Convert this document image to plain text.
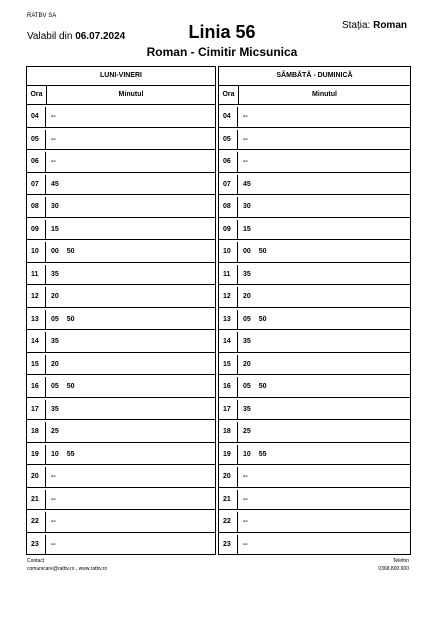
RATBV SA
Valabil din 06.07.2024	Linia 56	Stația: Roman
Roman - Cimitir Micsunica
LUNI-VINERI
Ora	Minutul
04	--
05	--
06	--
07	45
08	30
09	15
10	00 50
11	35
12	20
13	05 50
14	35
15	20
16	05 50
17	35
18	25
19	10 55
20	--
21	--
22	--
23	--
SÂMBĂTĂ - DUMINICĂ
Ora	Minutul
04	--
05	--
06	--
07	45
08	30
09	15
10	00 50
11	35
12	20
13	05 50
14	35
15	20
16	05 50
17	35
18	25
19	10 55
20	--
21	--
22	--
23	--
Contact
comunicare@ratbv.ro , www.ratbv.ro
Telefon
0368.800.600
